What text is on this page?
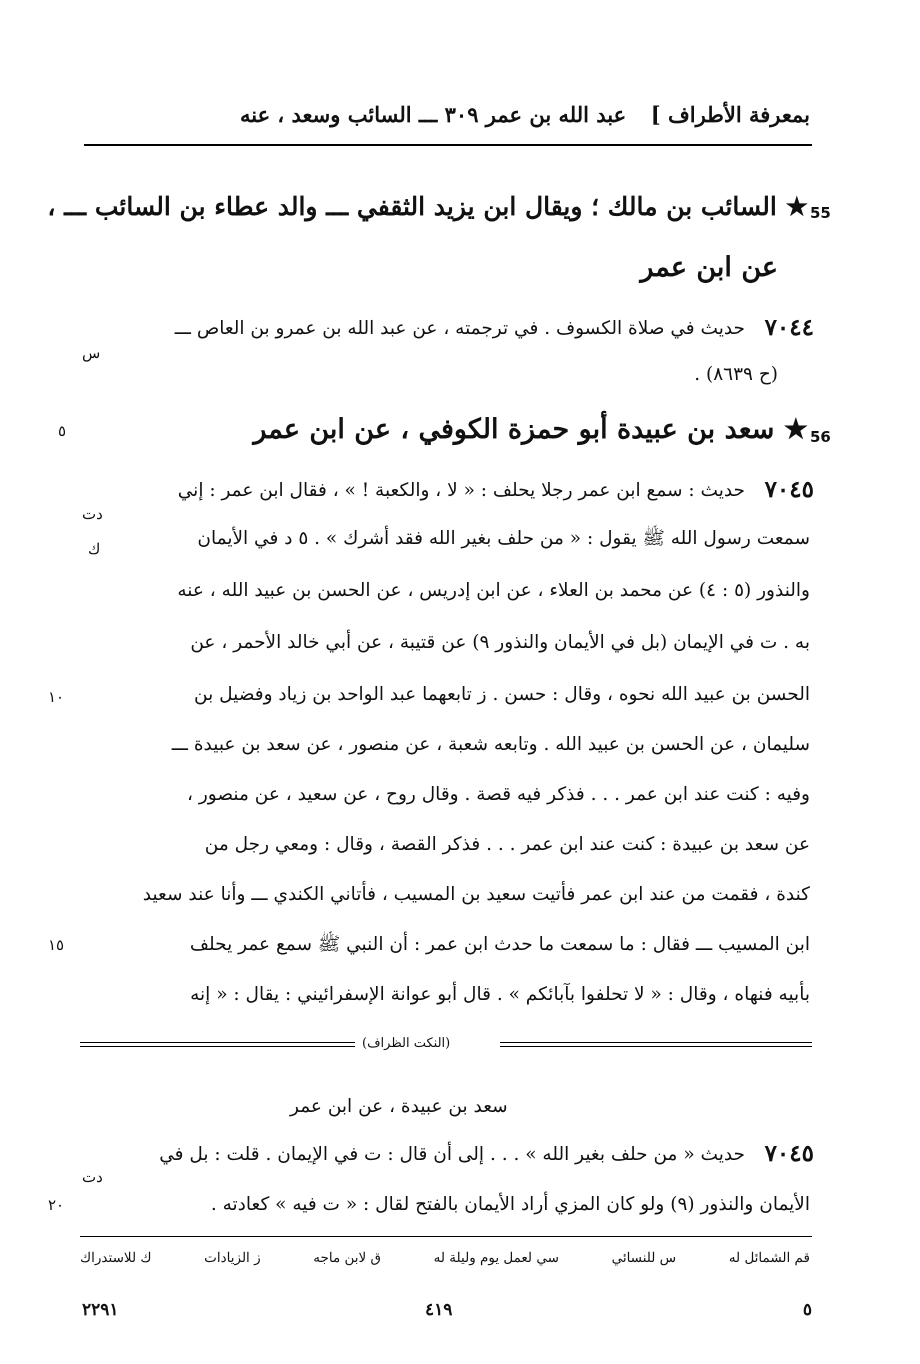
بمعرفة الأطراف ]
عبد الله بن عمر ٣٠٩ ـــ السائب وسعد ، عنه
55
★ السائب بن مالك ؛ ويقال ابن يزيد الثقفي ـــ والد عطاء بن السائب ـــ ،
عن ابن عمر
٧٠٤٤
حديث في صلاة الكسوف . في ترجمته ، عن عبد الله بن عمرو بن العاص ـــ
س
(ح ٨٦٣٩) .
56
★ سعد بن عبيدة أبو حمزة الكوفي ، عن ابن عمر
٥
٧٠٤٥
حديث : سمع ابن عمر رجلا يحلف : « لا ، والكعبة ! » ، فقال ابن عمر : إني
دت
ك	سمعت رسول الله ﷺ يقول : « من حلف بغير الله فقد أشرك » . ٥ د في الأيمان
والنذور (٥ : ٤) عن محمد بن العلاء ، عن ابن إدريس ، عن الحسن بن عبيد الله ، عنه
به . ت في الإيمان (بل في الأيمان والنذور ٩) عن قتيبة ، عن أبي خالد الأحمر ، عن
الحسن بن عبيد الله نحوه ، وقال : حسن . ز تابعهما عبد الواحد بن زياد وفضيل بن
١٠
سليمان ، عن الحسن بن عبيد الله . وتابعه شعبة ، عن منصور ، عن سعد بن عبيدة ـــ
وفيه : كنت عند ابن عمر . . . فذكر فيه قصة . وقال روح ، عن سعيد ، عن منصور ،
عن سعد بن عبيدة : كنت عند ابن عمر . . . فذكر القصة ، وقال : ومعي رجل من
كندة ، فقمت من عند ابن عمر فأتيت سعيد بن المسيب ، فأتاني الكندي ـــ وأنا عند سعيد
ابن المسيب ـــ فقال : ما سمعت ما حدث ابن عمر : أن النبي ﷺ سمع عمر يحلف
١٥
بأبيه فنهاه ، وقال : « لا تحلفوا بآبائكم » . قال أبو عوانة الإسفرائيني : يقال : « إنه
(النكت الظراف)
سعد بن عبيدة ، عن ابن عمر
٧٠٤٥
حديث « من حلف بغير الله » . . . إلى أن قال : ت في الإيمان . قلت : بل في
دت
الأيمان والنذور (٩) ولو كان المزي أراد الأيمان بالفتح لقال : « ت فيه » كعادته .
٢٠
قم الشمائل له
س للنسائي
سي لعمل يوم وليلة له
ق لابن ماجه
ز الزيادات
ك للاستدراك
٥
٤١٩
٢٢٩١
